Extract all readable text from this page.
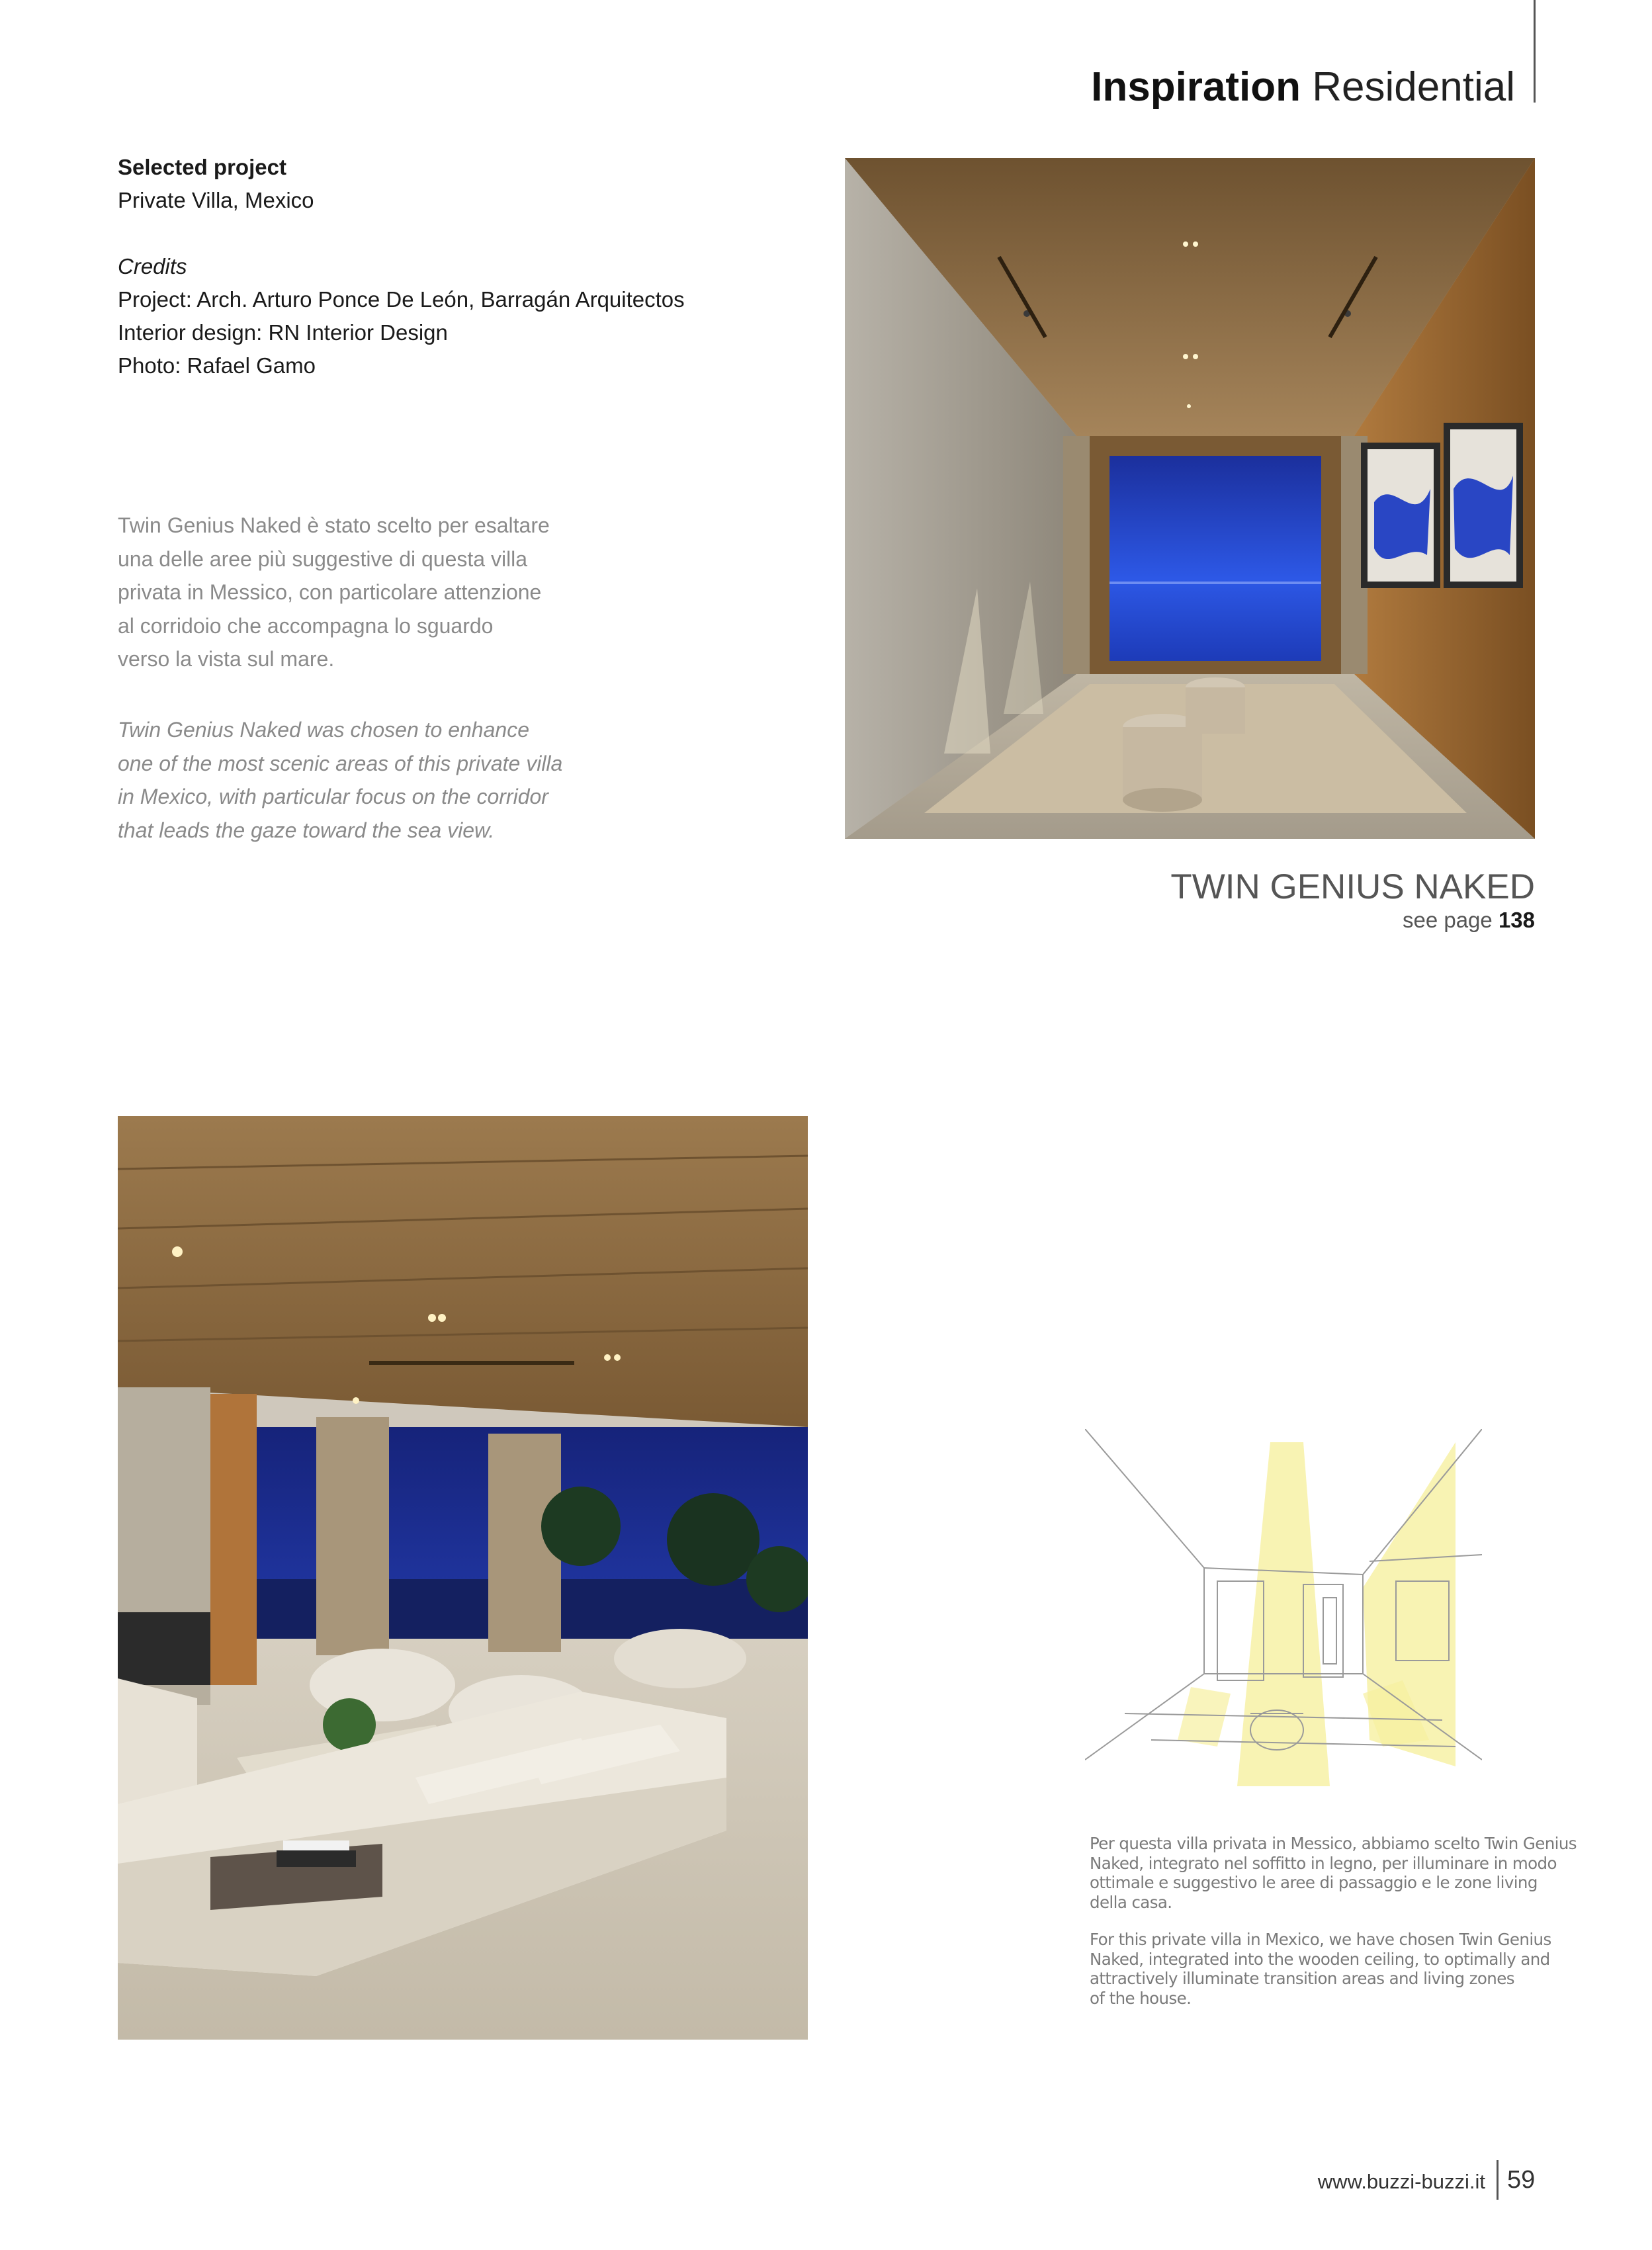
Inspiration Residential
Selected project
Private Villa, Mexico
Credits
Project: Arch. Arturo Ponce De León, Barragán Arquitectos
Interior design: RN Interior Design
Photo: Rafael Gamo
Twin Genius Naked è stato scelto per esaltare
una delle aree più suggestive di questa villa
privata in Messico, con particolare attenzione
al corridoio che accompagna lo sguardo
verso la vista sul mare.
Twin Genius Naked was chosen to enhance
one of the most scenic areas of this private villa
in Mexico, with particular focus on the corridor
that leads the gaze toward the sea view.
TWIN GENIUS NAKED
see page 138
Per questa villa privata in Messico, abbiamo scelto Twin Genius
Naked, integrato nel soffitto in legno, per illuminare in modo
ottimale e suggestivo le aree di passaggio e le zone living
della casa.
For this private villa in Mexico, we have chosen Twin Genius
Naked, integrated into the wooden ceiling, to optimally and
attractively illuminate transition areas and living zones
of the house.
www.buzzi-buzzi.it 59
